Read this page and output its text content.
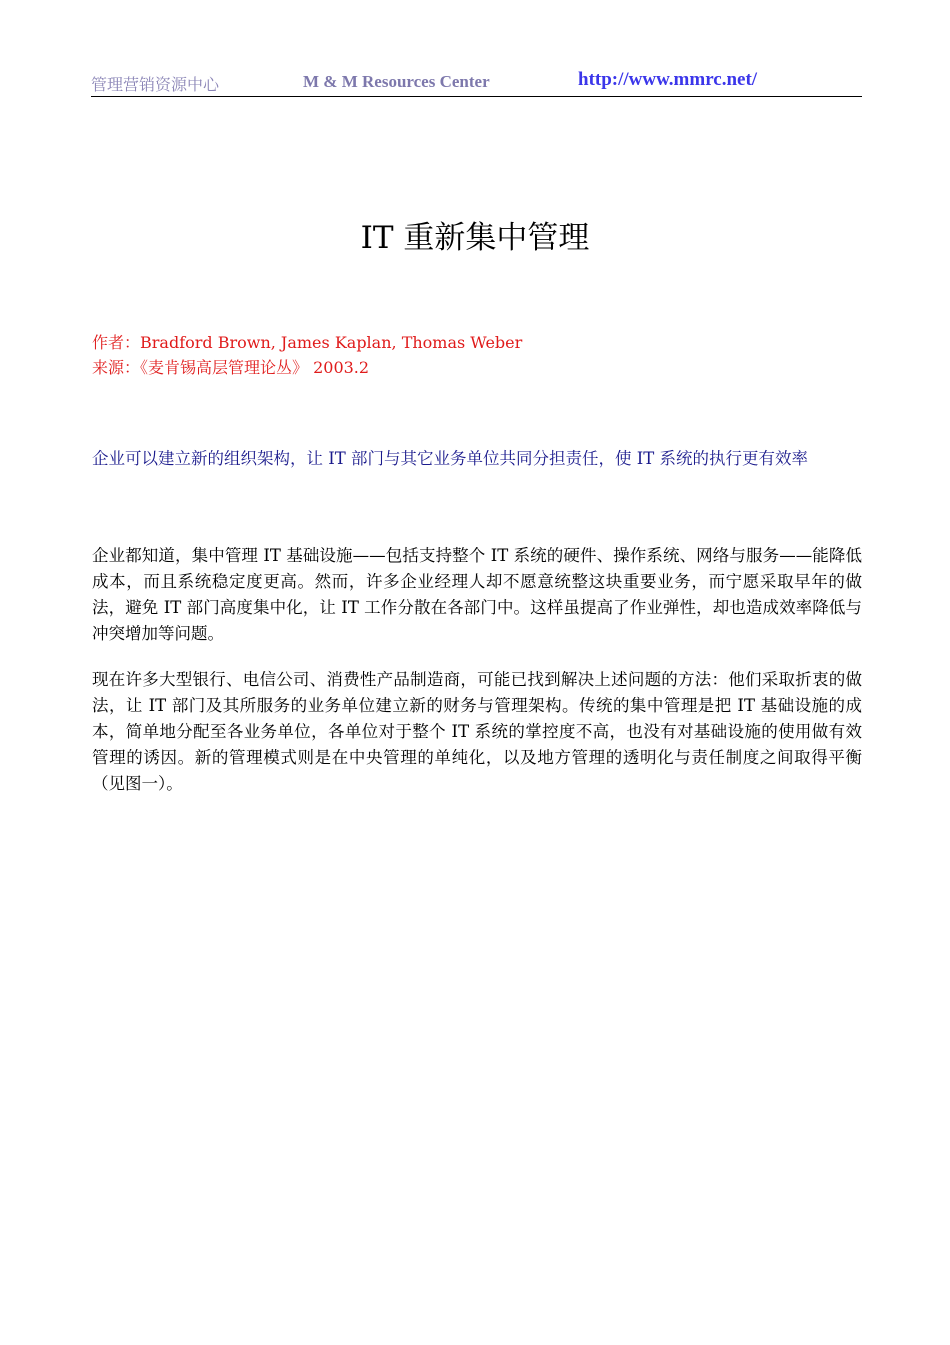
管理营销资源中心	M & M Resources Center	http://www.mmrc.net/
IT 重新集中管理
作者：Bradford Brown, James Kaplan, Thomas Weber
来源：《麦肯锡高层管理论丛》 2003.2
企业可以建立新的组织架构，让 IT 部门与其它业务单位共同分担责任，使 IT 系统的执行更有效率
企业都知道，集中管理 IT 基础设施——包括支持整个 IT 系统的硬件、操作系统、网络与服务——能降低成本，而且系统稳定度更高。然而，许多企业经理人却不愿意统整这块重要业务，而宁愿采取早年的做法，避免 IT 部门高度集中化，让 IT 工作分散在各部门中。这样虽提高了作业弹性，却也造成效率降低与冲突增加等问题。
现在许多大型银行、电信公司、消费性产品制造商，可能已找到解决上述问题的方法：他们采取折衷的做法，让 IT 部门及其所服务的业务单位建立新的财务与管理架构。传统的集中管理是把 IT 基础设施的成本，简单地分配至各业务单位，各单位对于整个 IT 系统的掌控度不高，也没有对基础设施的使用做有效管理的诱因。新的管理模式则是在中央管理的单纯化，以及地方管理的透明化与责任制度之间取得平衡 （见图一）。
